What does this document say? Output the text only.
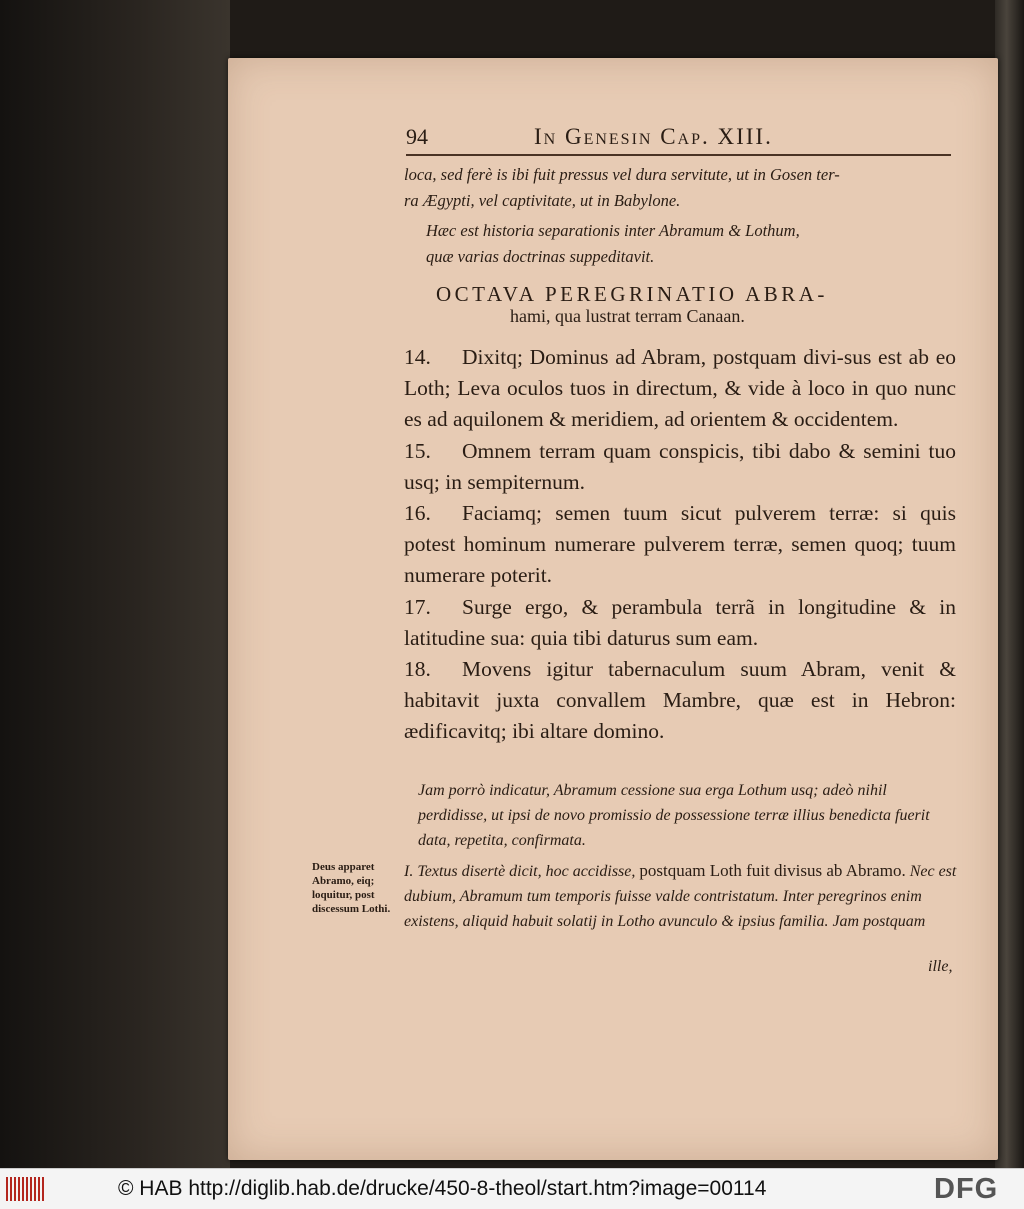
94	In Genesin Cap. XIII.
loca, sed ferè is ibi fuit pressus vel dura servitute, ut in Gosen ter-
ra Ægypti, vel captivitate, ut in Babylone.
Hæc est historia separationis inter Abramum & Lothum,
quæ varias doctrinas suppeditavit.
OCTAVA PEREGRINATIO ABRA-
hami, qua lustrat terram Canaan.

14. Dixitq; Dominus ad Abram, postquam divi-sus est ab eo Loth; Leva oculos tuos in directum, & vide à loco in quo nunc es ad aquilonem & meridiem, ad orientem & occidentem.

15. Omnem terram quam conspicis, tibi dabo & semini tuo usq; in sempiternum.

16. Faciamq; semen tuum sicut pulverem terræ: si quis potest hominum numerare pulverem terræ, semen quoq; tuum numerare poterit.

17. Surge ergo, & perambula terrã in longitudine & in latitudine sua: quia tibi daturus sum eam.

18. Movens igitur tabernaculum suum Abram, venit & habitavit juxta convallem Mambre, quæ est in Hebron: ædificavitq; ibi altare domino.

Jam porrò indicatur, Abramum cessione sua erga Lothum usq; adeò nihil perdidisse, ut ipsi de novo promissio de possessione terræ illius benedicta fuerit data, repetita, confirmata.
Deus apparet Abramo, eiq; loquitur, post discessum Lothi.
I. Textus disertè dicit, hoc accidisse, postquam Loth fuit divisus ab Abramo. Nec est dubium, Abramum tum temporis fuisse valde contristatum. Inter peregrinos enim existens, aliquid habuit solatij in Lotho avunculo & ipsius familia. Jam postquam
ille,
© HAB http://diglib.hab.de/drucke/450-8-theol/start.htm?image=00114	DFG
